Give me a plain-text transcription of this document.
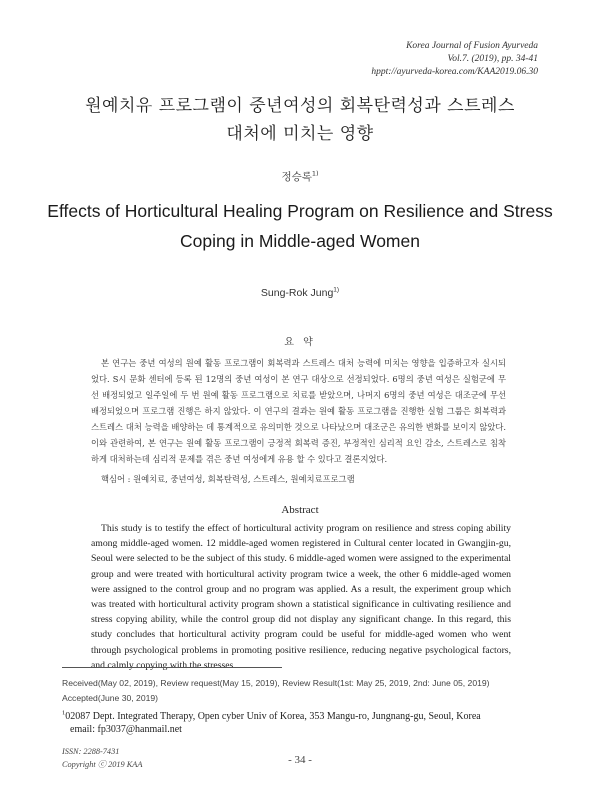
Korea Journal of Fusion Ayurveda
Vol.7. (2019), pp. 34-41
hppt://ayurveda-korea.com/KAA2019.06.30
원예치유 프로그램이 중년여성의 회복탄력성과 스트레스
대처에 미치는 영향
정승록$^{1)}$
Effects of Horticultural Healing Program on Resilience and Stress
Coping in Middle-aged Women
Sung-Rok Jung$^{1)}$
요 약
본 연구는 중년 여성의 원예 활동 프로그램이 회복력과 스트레스 대처 능력에 미치는 영향을 입증하고자 실시되었다. S시 문화 센터에 등록 된 12명의 중년 여성이 본 연구 대상으로 선정되었다. 6명의 중년 여성은 실험군에 무선 배정되었고 일주일에 두 번 원예 활동 프로그램으로 치료를 받았으며, 나머지 6명의 중년 여성은 대조군에 무선 배정되었으며 프로그램 진행은 하지 않았다. 이 연구의 결과는 원예 활동 프로그램을 진행한 실험 그룹은 회복력과 스트레스 대처 능력을 배양하는 데 통계적으로 유의미한 것으로 나타났으며 대조군은 유의한 변화를 보이지 않았다. 이와 관련하여, 본 연구는 원예 활동 프로그램이 긍정적 회복력 증진, 부정적인 심리적 요인 감소, 스트레스로 침착하게 대처하는데 심리적 문제를 겪은 중년 여성에게 유용 할 수 있다고 결론지었다.
핵심어 : 원예치료, 중년여성, 회복탄력성, 스트레스, 원예치료프로그램
Abstract
This study is to testify the effect of horticultural activity program on resilience and stress coping ability among middle-aged women. 12 middle-aged women registered in Cultural center located in Gwangjin-gu, Seoul were selected to be the subject of this study. 6 middle-aged women were assigned to the experimental group and were treated with horticultural activity program twice a week, the other 6 middle-aged women were assigned to the control group and no program was applied. As a result, the experiment group which was treated with horticultural activity program shown a statistical significance in cultivating resilience and stress copying ability, while the control group did not display any significant change. In this regard, this study concludes that horticultural activity program could be useful for middle-aged women who went through psychological problems in promoting positive resilience, reducing negative psychological factors, and calmly copying with the stresses
Received(May 02, 2019), Review request(May 15, 2019), Review Result(1st: May 25, 2019, 2nd: June 05, 2019)
Accepted(June 30, 2019)
$^1$02087 Dept. Integrated Therapy, Open cyber Univ of Korea, 353 Mangu-ro, Jungnang-gu, Seoul, Korea
email: fp3037@hanmail.net
ISSN: 2288-7431
Copyright ⓒ 2019 KAA	- 34 -
